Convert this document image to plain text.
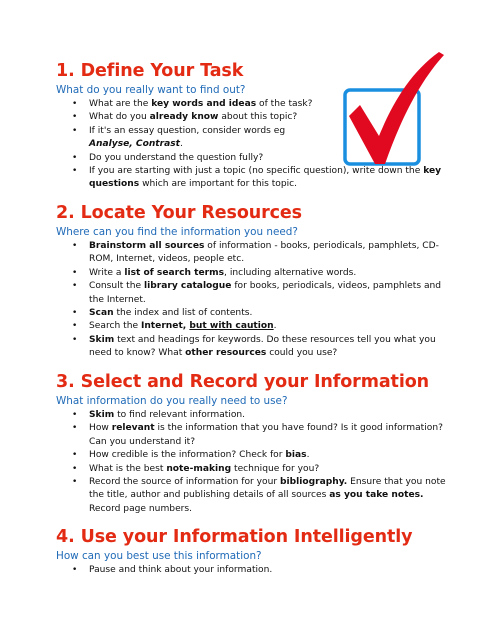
1. Define Your Task
What do you really want to find out?
• What are the key words and ideas of the task?
• What do you already know about this topic?
• If it's an essay question, consider words eg Analyse, Contrast.
• Do you understand the question fully?
• If you are starting with just a topic (no specific question), write down the key questions which are important for this topic.
2. Locate Your Resources
Where can you find the information you need?
• Brainstorm all sources of information - books, periodicals, pamphlets, CD-ROM, Internet, videos, people etc.
• Write a list of search terms, including alternative words.
• Consult the library catalogue for books, periodicals, videos, pamphlets and the Internet.
• Scan the index and list of contents.
• Search the Internet, but with caution.
• Skim text and headings for keywords. Do these resources tell you what you need to know? What other resources could you use?
3. Select and Record your Information
What information do you really need to use?
• Skim to find relevant information.
• How relevant is the information that you have found? Is it good information? Can you understand it?
• How credible is the information? Check for bias.
• What is the best note-making technique for you?
• Record the source of information for your bibliography. Ensure that you note the title, author and publishing details of all sources as you take notes. Record page numbers.
4. Use your Information Intelligently
How can you best use this information?
• Pause and think about your information.
